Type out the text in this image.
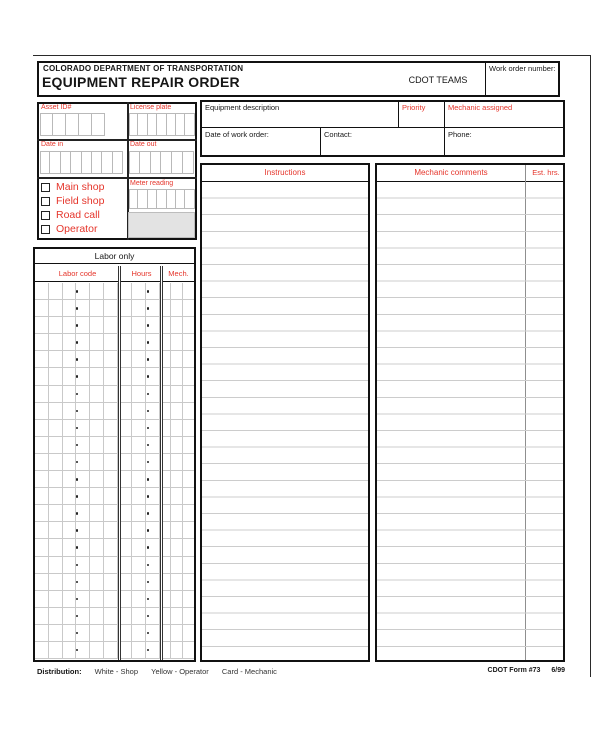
COLORADO DEPARTMENT OF TRANSPORTATION
EQUIPMENT REPAIR ORDER	CDOT TEAMS
Work order number:
Asset ID#	License plate
Date in	Date out
Main shop
Field shop
Road call
Operator
Meter reading
Labor only
Labor code	Hours	Mech.
Equipment description	Priority	Mechanic assigned
Date of work order:	Contact:	Phone:
Instructions	Mechanic comments	Est. hrs.
Distribution: White - Shop Yellow - Operator Card - Mechanic	CDOT Form #73 6/99
